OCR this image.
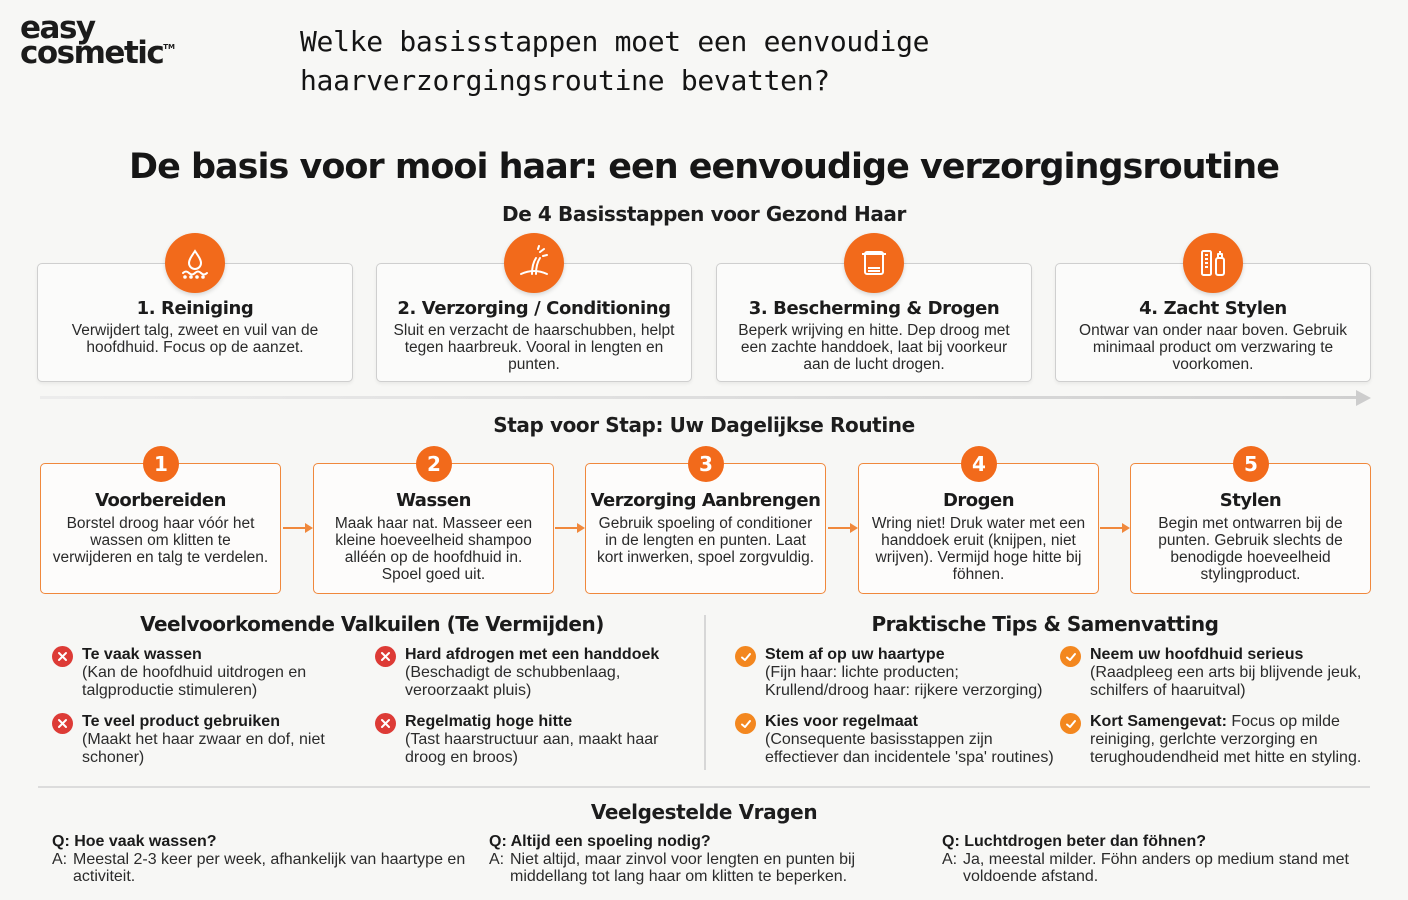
easy
cosmetic™	Welke basisstappen moet een eenvoudige haarverzorgingsroutine bevatten?
De basis voor mooi haar: een eenvoudige verzorgingsroutine
De 4 Basisstappen voor Gezond Haar
1. Reiniging
Verwijdert talg, zweet en vuil van de hoofdhuid. Focus op de aanzet.
2. Verzorging / Conditioning
Sluit en verzacht de haarschubben, helpt tegen haarbreuk. Vooral in lengten en punten.
3. Bescherming & Drogen
Beperk wrijving en hitte. Dep droog met een zachte handdoek, laat bij voorkeur aan de lucht drogen.
4. Zacht Stylen
Ontwar van onder naar boven. Gebruik minimaal product om verzwaring te voorkomen.
Stap voor Stap: Uw Dagelijkse Routine
Voorbereiden
Borstel droog haar vóór het wassen om klitten te verwijderen en talg te verdelen.
Wassen
Maak haar nat. Masseer een kleine hoeveelheid shampoo alléén op de hoofdhuid in. Spoel goed uit.
Verzorging Aanbrengen
Gebruik spoeling of conditioner in de lengten en punten. Laat kort inwerken, spoel zorgvuldig.
Drogen
Wring niet! Druk water met een handdoek eruit (knijpen, niet wrijven). Vermijd hoge hitte bij föhnen.
Stylen
Begin met ontwarren bij de punten. Gebruik slechts de benodigde hoeveelheid stylingproduct.
1	2	3	4	5
Veelvoorkomende Valkuilen (Te Vermijden)
Te vaak wassen
(Kan de hoofdhuid uitdrogen en talgproductie stimuleren)
Hard afdrogen met een handdoek
(Beschadigt de schubbenlaag, veroorzaakt pluis)
Te veel product gebruiken
(Maakt het haar zwaar en dof, niet schoner)
Regelmatig hoge hitte
(Tast haarstructuur aan, maakt haar droog en broos)
Praktische Tips & Samenvatting
Stem af op uw haartype
(Fijn haar: lichte producten; Krullend/droog haar: rijkere verzorging)
Neem uw hoofdhuid serieus
(Raadpleeg een arts bij blijvende jeuk, schilfers of haaruitval)
Kies voor regelmaat
(Consequente basisstappen zijn effectiever dan incidentele 'spa' routines)
Kort Samengevat: Focus op milde reiniging, gerlchte verzorging en terughoudendheid met hitte en styling.
Veelgestelde Vragen
Q: Hoe vaak wassen?
A: Meestal 2-3 keer per week, afhankelijk van haartype en activiteit.
Q: Altijd een spoeling nodig?
A: Niet altijd, maar zinvol voor lengten en punten bij middellang tot lang haar om klitten te beperken.
Q: Luchtdrogen beter dan föhnen?
A: Ja, meestal milder. Föhn anders op medium stand met voldoende afstand.
